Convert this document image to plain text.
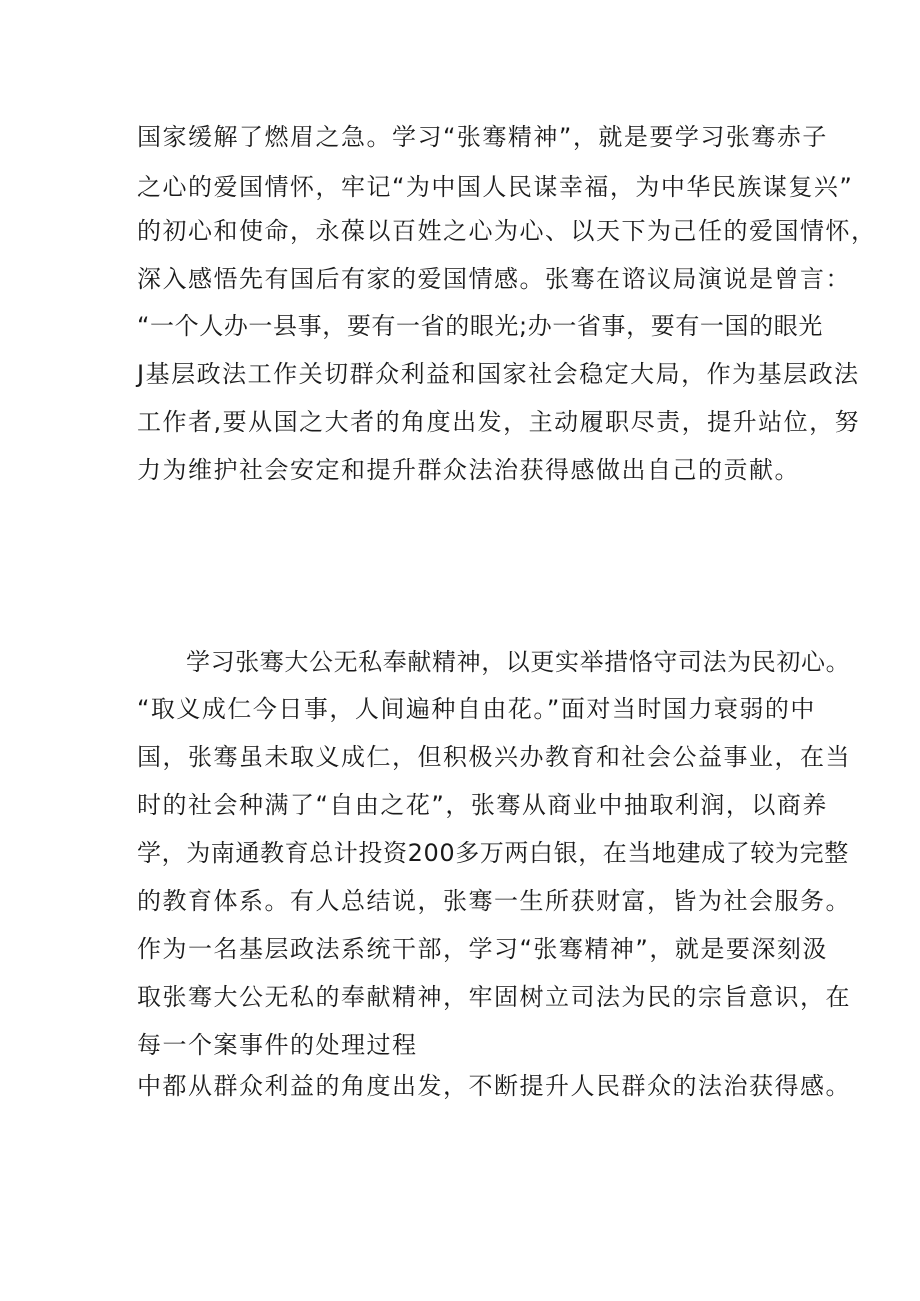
国家缓解了燃眉之急。学习“张骞精神”，就是要学习张骞赤子

之心的爱国情怀，牢记“为中国人民谋幸福，为中华民族谋复兴”

的初心和使命，永葆以百姓之心为心、以天下为己任的爱国情怀，

深入感悟先有国后有家的爱国情感。张骞在谘议局演说是曾言：

“一个人办一县事，要有一省的眼光;办一省事，要有一国的眼光

J基层政法工作关切群众利益和国家社会稳定大局，作为基层政法

工作者,要从国之大者的角度出发，主动履职尽责，提升站位，努

力为维护社会安定和提升群众法治获得感做出自己的贡献。

学习张骞大公无私奉献精神，以更实举措恪守司法为民初心。

“取义成仁今日事，人间遍种自由花。”面对当时国力衰弱的中

国，张骞虽未取义成仁，但积极兴办教育和社会公益事业，在当

时的社会种满了“自由之花”，张骞从商业中抽取利润，以商养

学，为南通教育总计投资200多万两白银，在当地建成了较为完整

的教育体系。有人总结说，张骞一生所获财富，皆为社会服务。

作为一名基层政法系统干部，学习“张骞精神”，就是要深刻汲

取张骞大公无私的奉献精神，牢固树立司法为民的宗旨意识，在

每一个案事件的处理过程

中都从群众利益的角度出发，不断提升人民群众的法治获得感。
